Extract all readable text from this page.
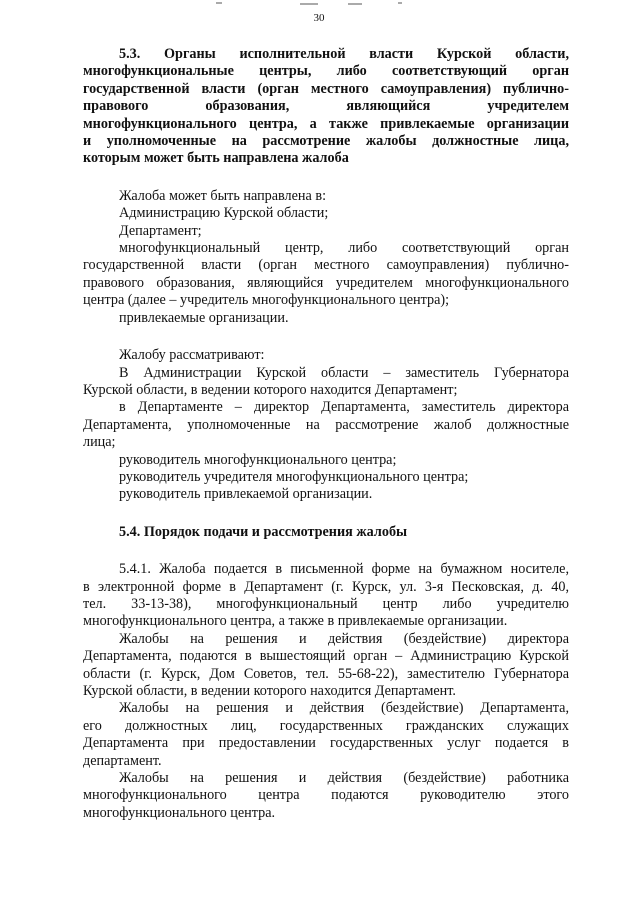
30
5.3. Органы исполнительной власти Курской области,
многофункциональные центры, либо соответствующий орган
государственной власти (орган местного самоуправления) публично-
правового образования, являющийся учредителем
многофункционального центра, а также привлекаемые организации
и уполномоченные на рассмотрение жалобы должностные лица,
которым может быть направлена жалоба
Жалоба может быть направлена в:
Администрацию Курской области;
Департамент;
многофункциональный центр, либо соответствующий орган
государственной власти (орган местного самоуправления) публично-
правового образования, являющийся учредителем многофункционального
центра (далее – учредитель многофункционального центра);
привлекаемые организации.
Жалобу рассматривают:
В Администрации Курской области – заместитель Губернатора
Курской области, в ведении которого находится Департамент;
в Департаменте – директор Департамента, заместитель директора
Департамента, уполномоченные на рассмотрение жалоб должностные
лица;
руководитель многофункционального центра;
руководитель учредителя многофункционального центра;
руководитель привлекаемой организации.
5.4. Порядок подачи и рассмотрения жалобы
5.4.1. Жалоба подается в письменной форме на бумажном носителе,
в электронной форме в Департамент (г. Курск, ул. 3-я Песковская, д. 40,
тел. 33-13-38), многофункциональный центр либо учредителю
многофункционального центра, а также в привлекаемые организации.
Жалобы на решения и действия (бездействие) директора
Департамента, подаются в вышестоящий орган – Администрацию Курской
области (г. Курск, Дом Советов, тел. 55-68-22), заместителю Губернатора
Курской области, в ведении которого находится Департамент.
Жалобы на решения и действия (бездействие) Департамента,
его должностных лиц, государственных гражданских служащих
Департамента при предоставлении государственных услуг подается в
департамент.
Жалобы на решения и действия (бездействие) работника
многофункционального центра подаются руководителю этого
многофункционального центра.
